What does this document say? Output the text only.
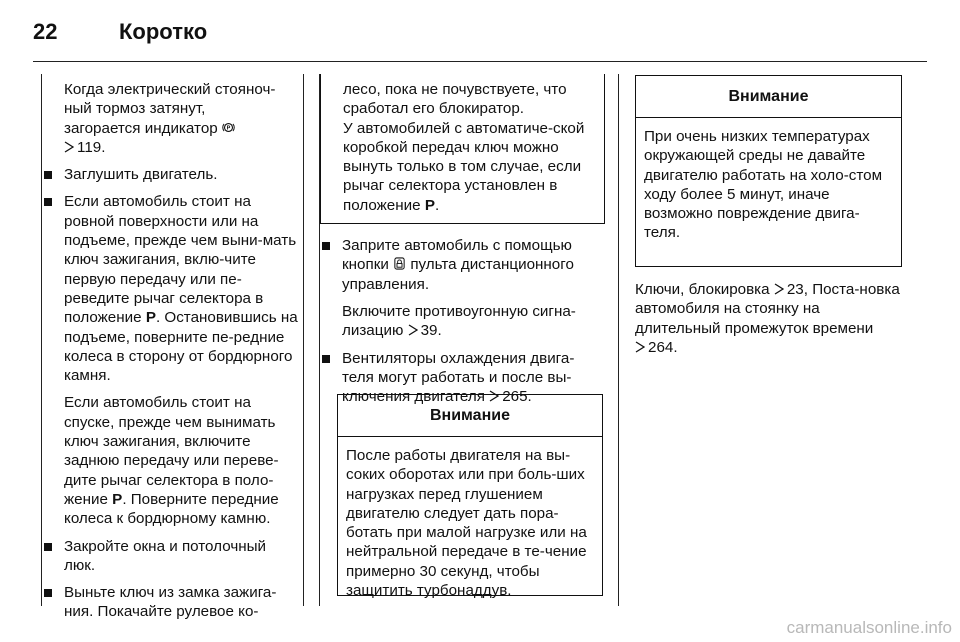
22	Коротко

Когда электрический стояноч-
ный тормоз затянут,
загорается индикатор P

119.

Заглушить двигатель.
Если автомобиль стоит на ровной поверхности или на подъеме, прежде чем выни-мать ключ зажигания, вклю-чите первую передачу или пе-реведите рычаг селектора в положение P. Остановившись на подъеме, поверните пе-редние колеса в сторону от бордюрного камня.

Если автомобиль стоит на спуске, прежде чем вынимать ключ зажигания, включите заднюю передачу или переве-дите рычаг селектора в поло-жение P. Поверните передние колеса к бордюрному камню.

Закройте окна и потолочный люк.
Выньте ключ из замка зажига-ния. Покачайте рулевое ко-

лесо, пока не почувствуете, что сработал его блокиратор.

У автомобилей с автоматиче-ской коробкой передач ключ можно вынуть только в том случае, если рычаг селектора установлен в положение P.

Заприте автомобиль с помощью кнопки пульта дистанционного управления.

Включите противоугонную сигна-лизацию 39.

Вентиляторы охлаждения двига-теля могут работать и после вы-ключения двигателя 265.
Внимание
После работы двигателя на вы-соких оборотах или при боль-ших нагрузках перед глушением двигателю следует дать пора-ботать при малой нагрузке или на нейтральной передаче в те-чение примерно 30 секунд, чтобы защитить турбонаддув.
Внимание
При очень низких температурах окружающей среды не давайте двигателю работать на холо-стом ходу более 5 минут, иначе возможно повреждение двига-теля.

Ключи, блокировка 23, Поста-новка автомобиля на стоянку на длительный промежуток времени
264.

carmanualsonline.info
